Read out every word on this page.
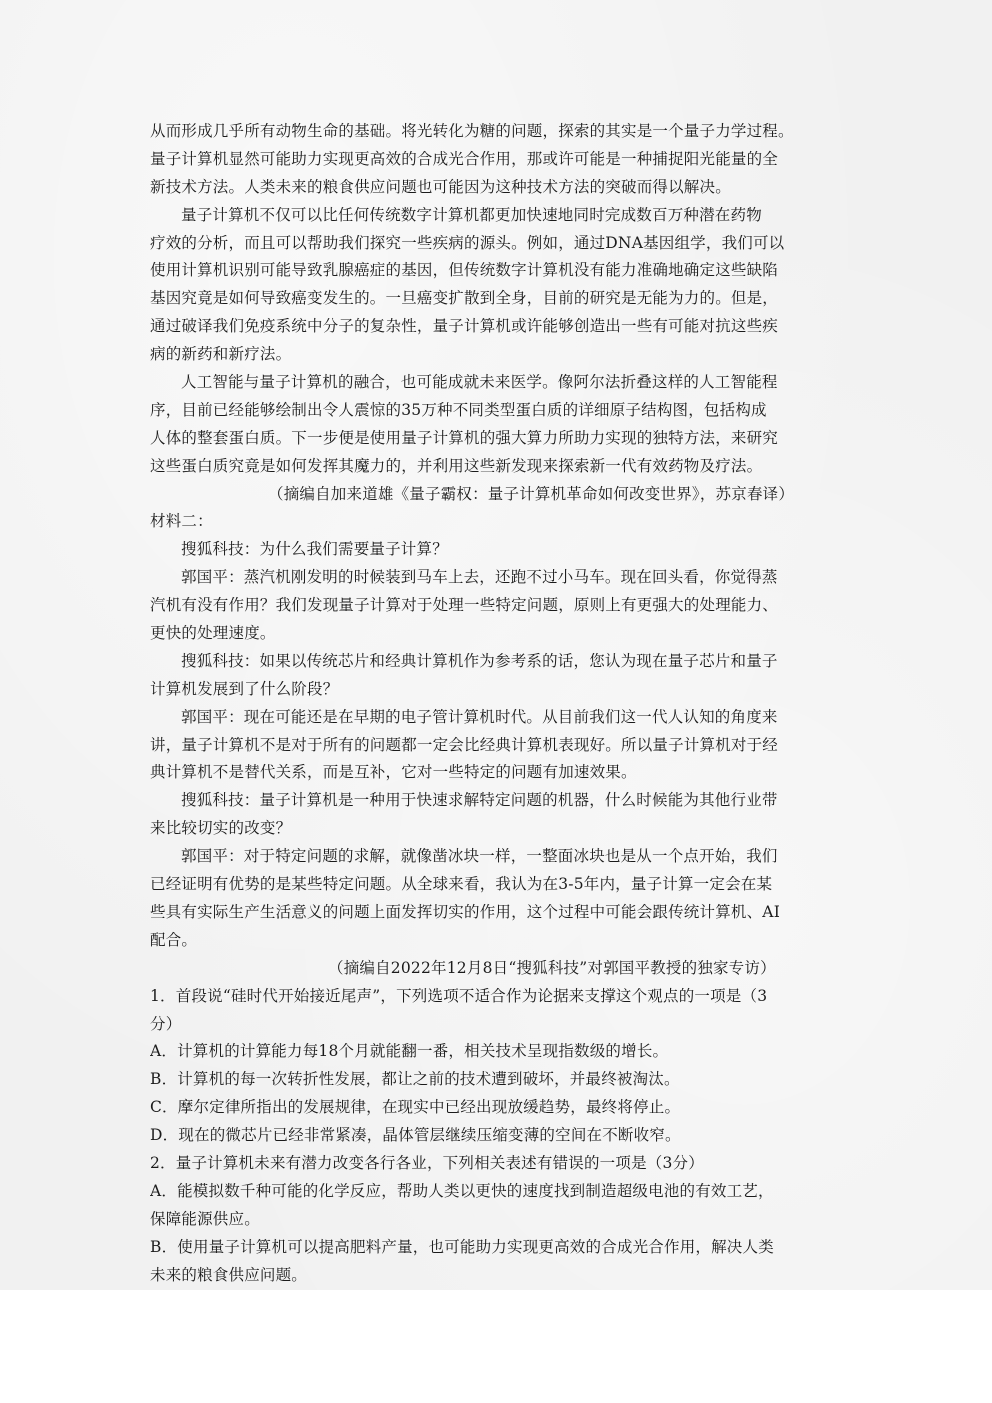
从而形成几乎所有动物生命的基础。将光转化为糖的问题，探索的其实是一个量子力学过程。
量子计算机显然可能助力实现更高效的合成光合作用，那或许可能是一种捕捉阳光能量的全
新技术方法。人类未来的粮食供应问题也可能因为这种技术方法的突破而得以解决。
量子计算机不仅可以比任何传统数字计算机都更加快速地同时完成数百万种潜在药物
疗效的分析，而且可以帮助我们探究一些疾病的源头。例如，通过DNA基因组学，我们可以
使用计算机识别可能导致乳腺癌症的基因，但传统数字计算机没有能力准确地确定这些缺陷
基因究竟是如何导致癌变发生的。一旦癌变扩散到全身，目前的研究是无能为力的。但是，
通过破译我们免疫系统中分子的复杂性，量子计算机或许能够创造出一些有可能对抗这些疾
病的新药和新疗法。
人工智能与量子计算机的融合，也可能成就未来医学。像阿尔法折叠这样的人工智能程
序，目前已经能够绘制出令人震惊的35万种不同类型蛋白质的详细原子结构图，包括构成
人体的整套蛋白质。下一步便是使用量子计算机的强大算力所助力实现的独特方法，来研究
这些蛋白质究竟是如何发挥其魔力的，并利用这些新发现来探索新一代有效药物及疗法。
（摘编自加来道雄《量子霸权：量子计算机革命如何改变世界》，苏京春译）
材料二：
搜狐科技：为什么我们需要量子计算？
郭国平：蒸汽机刚发明的时候装到马车上去，还跑不过小马车。现在回头看，你觉得蒸
汽机有没有作用？我们发现量子计算对于处理一些特定问题，原则上有更强大的处理能力、
更快的处理速度。
搜狐科技：如果以传统芯片和经典计算机作为参考系的话，您认为现在量子芯片和量子
计算机发展到了什么阶段？
郭国平：现在可能还是在早期的电子管计算机时代。从目前我们这一代人认知的角度来
讲，量子计算机不是对于所有的问题都一定会比经典计算机表现好。所以量子计算机对于经
典计算机不是替代关系，而是互补，它对一些特定的问题有加速效果。
搜狐科技：量子计算机是一种用于快速求解特定问题的机器，什么时候能为其他行业带
来比较切实的改变？
郭国平：对于特定问题的求解，就像凿冰块一样，一整面冰块也是从一个点开始，我们
已经证明有优势的是某些特定问题。从全球来看，我认为在3-5年内，量子计算一定会在某
些具有实际生产生活意义的问题上面发挥切实的作用，这个过程中可能会跟传统计算机、AI
配合。
（摘编自2022年12月8日“搜狐科技”对郭国平教授的独家专访）
1．首段说“硅时代开始接近尾声”，下列选项不适合作为论据来支撑这个观点的一项是（3
分）
A．计算机的计算能力每18个月就能翻一番，相关技术呈现指数级的增长。
B．计算机的每一次转折性发展，都让之前的技术遭到破坏，并最终被淘汰。
C．摩尔定律所指出的发展规律，在现实中已经出现放缓趋势，最终将停止。
D．现在的微芯片已经非常紧凑，晶体管层继续压缩变薄的空间在不断收窄。
2．量子计算机未来有潜力改变各行各业，下列相关表述有错误的一项是（3分）
A．能模拟数千种可能的化学反应，帮助人类以更快的速度找到制造超级电池的有效工艺，
保障能源供应。
B．使用量子计算机可以提高肥料产量，也可能助力实现更高效的合成光合作用，解决人类
未来的粮食供应问题。
